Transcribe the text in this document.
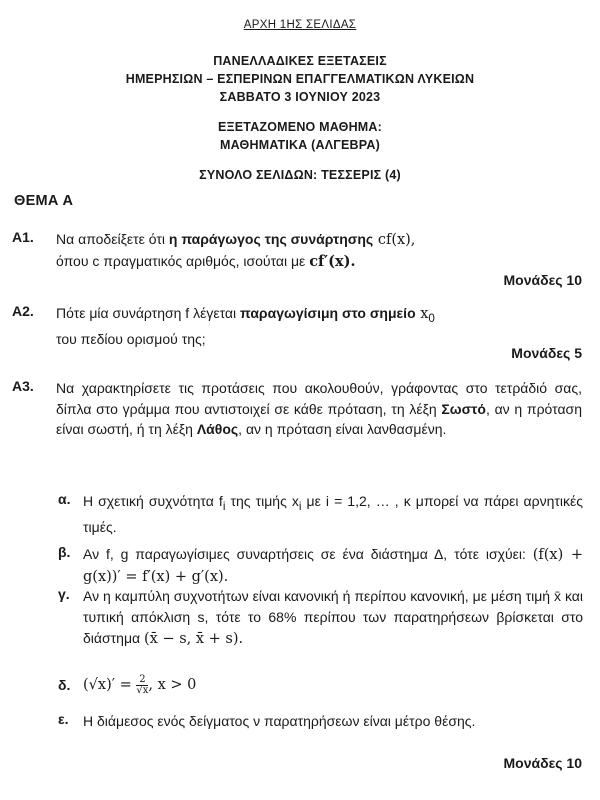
ΑΡΧΗ 1ΗΣ ΣΕΛΙΔΑΣ
ΠΑΝΕΛΛΑΔΙΚΕΣ ΕΞΕΤΑΣΕΙΣ
ΗΜΕΡΗΣΙΩΝ – ΕΣΠΕΡΙΝΩΝ ΕΠΑΓΓΕΛΜΑΤΙΚΩΝ ΛΥΚΕΙΩΝ
ΣΑΒΒΑΤΟ 3 ΙΟΥΝΙΟΥ 2023
ΕΞΕΤΑΖΟΜΕΝΟ ΜΑΘΗΜΑ:
ΜΑΘΗΜΑΤΙΚΑ (ΑΛΓΕΒΡΑ)
ΣΥΝΟΛΟ ΣΕΛΙΔΩΝ: ΤΕΣΣΕΡΙΣ (4)
ΘΕΜΑ Α
Α1. Να αποδείξετε ότι η παράγωγος της συνάρτησης cf(x),
όπου c πραγματικός αριθμός, ισούται με cf′(x).
Μονάδες 10
Α2. Πότε μία συνάρτηση f λέγεται παραγωγίσιμη στο σημείο $x_0$
του πεδίου ορισμού της;
Μονάδες 5
Α3. Να χαρακτηρίσετε τις προτάσεις που ακολουθούν, γράφοντας στο τετράδιό σας, δίπλα στο γράμμα που αντιστοιχεί σε κάθε πρόταση, τη λέξη Σωστό, αν η πρόταση είναι σωστή, ή τη λέξη Λάθος, αν η πρόταση είναι λανθασμένη.
α. Η σχετική συχνότητα $f_i$ της τιμής $x_i$ με i = 1,2, … , κ μπορεί να πάρει αρνητικές τιμές.
β. Αν f, g παραγωγίσιμες συναρτήσεις σε ένα διάστημα Δ, τότε ισχύει: (f(x) + g(x))′ = f′(x) + g′(x).
γ. Αν η καμπύλη συχνοτήτων είναι κανονική ή περίπου κανονική, με μέση τιμή x̄ και τυπική απόκλιση s, τότε το 68% περίπου των παρατηρήσεων βρίσκεται στο διάστημα (x̄ − s, x̄ + s).
δ. $(√x)' = \frac{2}{√x}$ , x > 0
ε. Η διάμεσος ενός δείγματος ν παρατηρήσεων είναι μέτρο θέσης.
Μονάδες 10
